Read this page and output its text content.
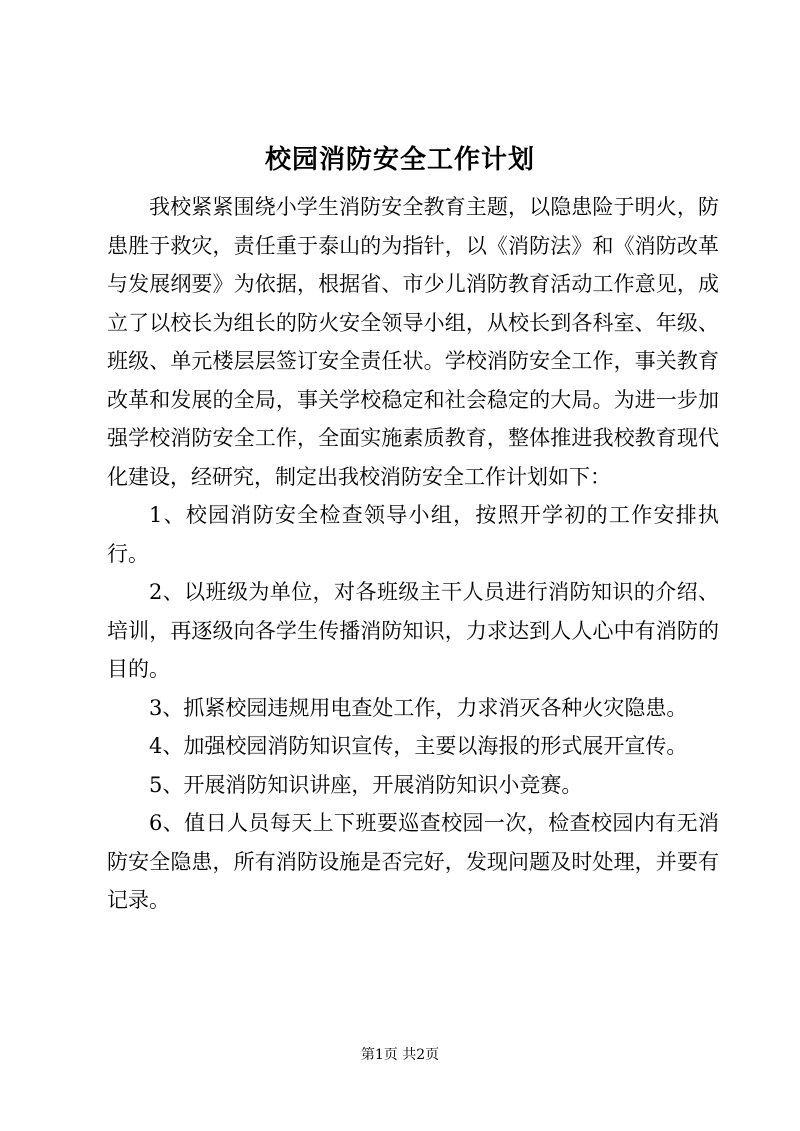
校园消防安全工作计划

我校紧紧围绕小学生消防安全教育主题，以隐患险于明火，防患胜于救灾，责任重于泰山的为指针，以《消防法》和《消防改革与发展纲要》为依据，根据省、市少儿消防教育活动工作意见，成立了以校长为组长的防火安全领导小组，从校长到各科室、年级、班级、单元楼层层签订安全责任状。学校消防安全工作，事关教育改革和发展的全局，事关学校稳定和社会稳定的大局。为进一步加强学校消防安全工作，全面实施素质教育，整体推进我校教育现代化建设，经研究，制定出我校消防安全工作计划如下：

1、校园消防安全检查领导小组，按照开学初的工作安排执行。

2、以班级为单位，对各班级主干人员进行消防知识的介绍、培训，再逐级向各学生传播消防知识，力求达到人人心中有消防的目的。

3、抓紧校园违规用电查处工作，力求消灭各种火灾隐患。

4、加强校园消防知识宣传，主要以海报的形式展开宣传。

5、开展消防知识讲座，开展消防知识小竞赛。

6、值日人员每天上下班要巡查校园一次，检查校园内有无消防安全隐患，所有消防设施是否完好，发现问题及时处理，并要有记录。

第1页 共2页
